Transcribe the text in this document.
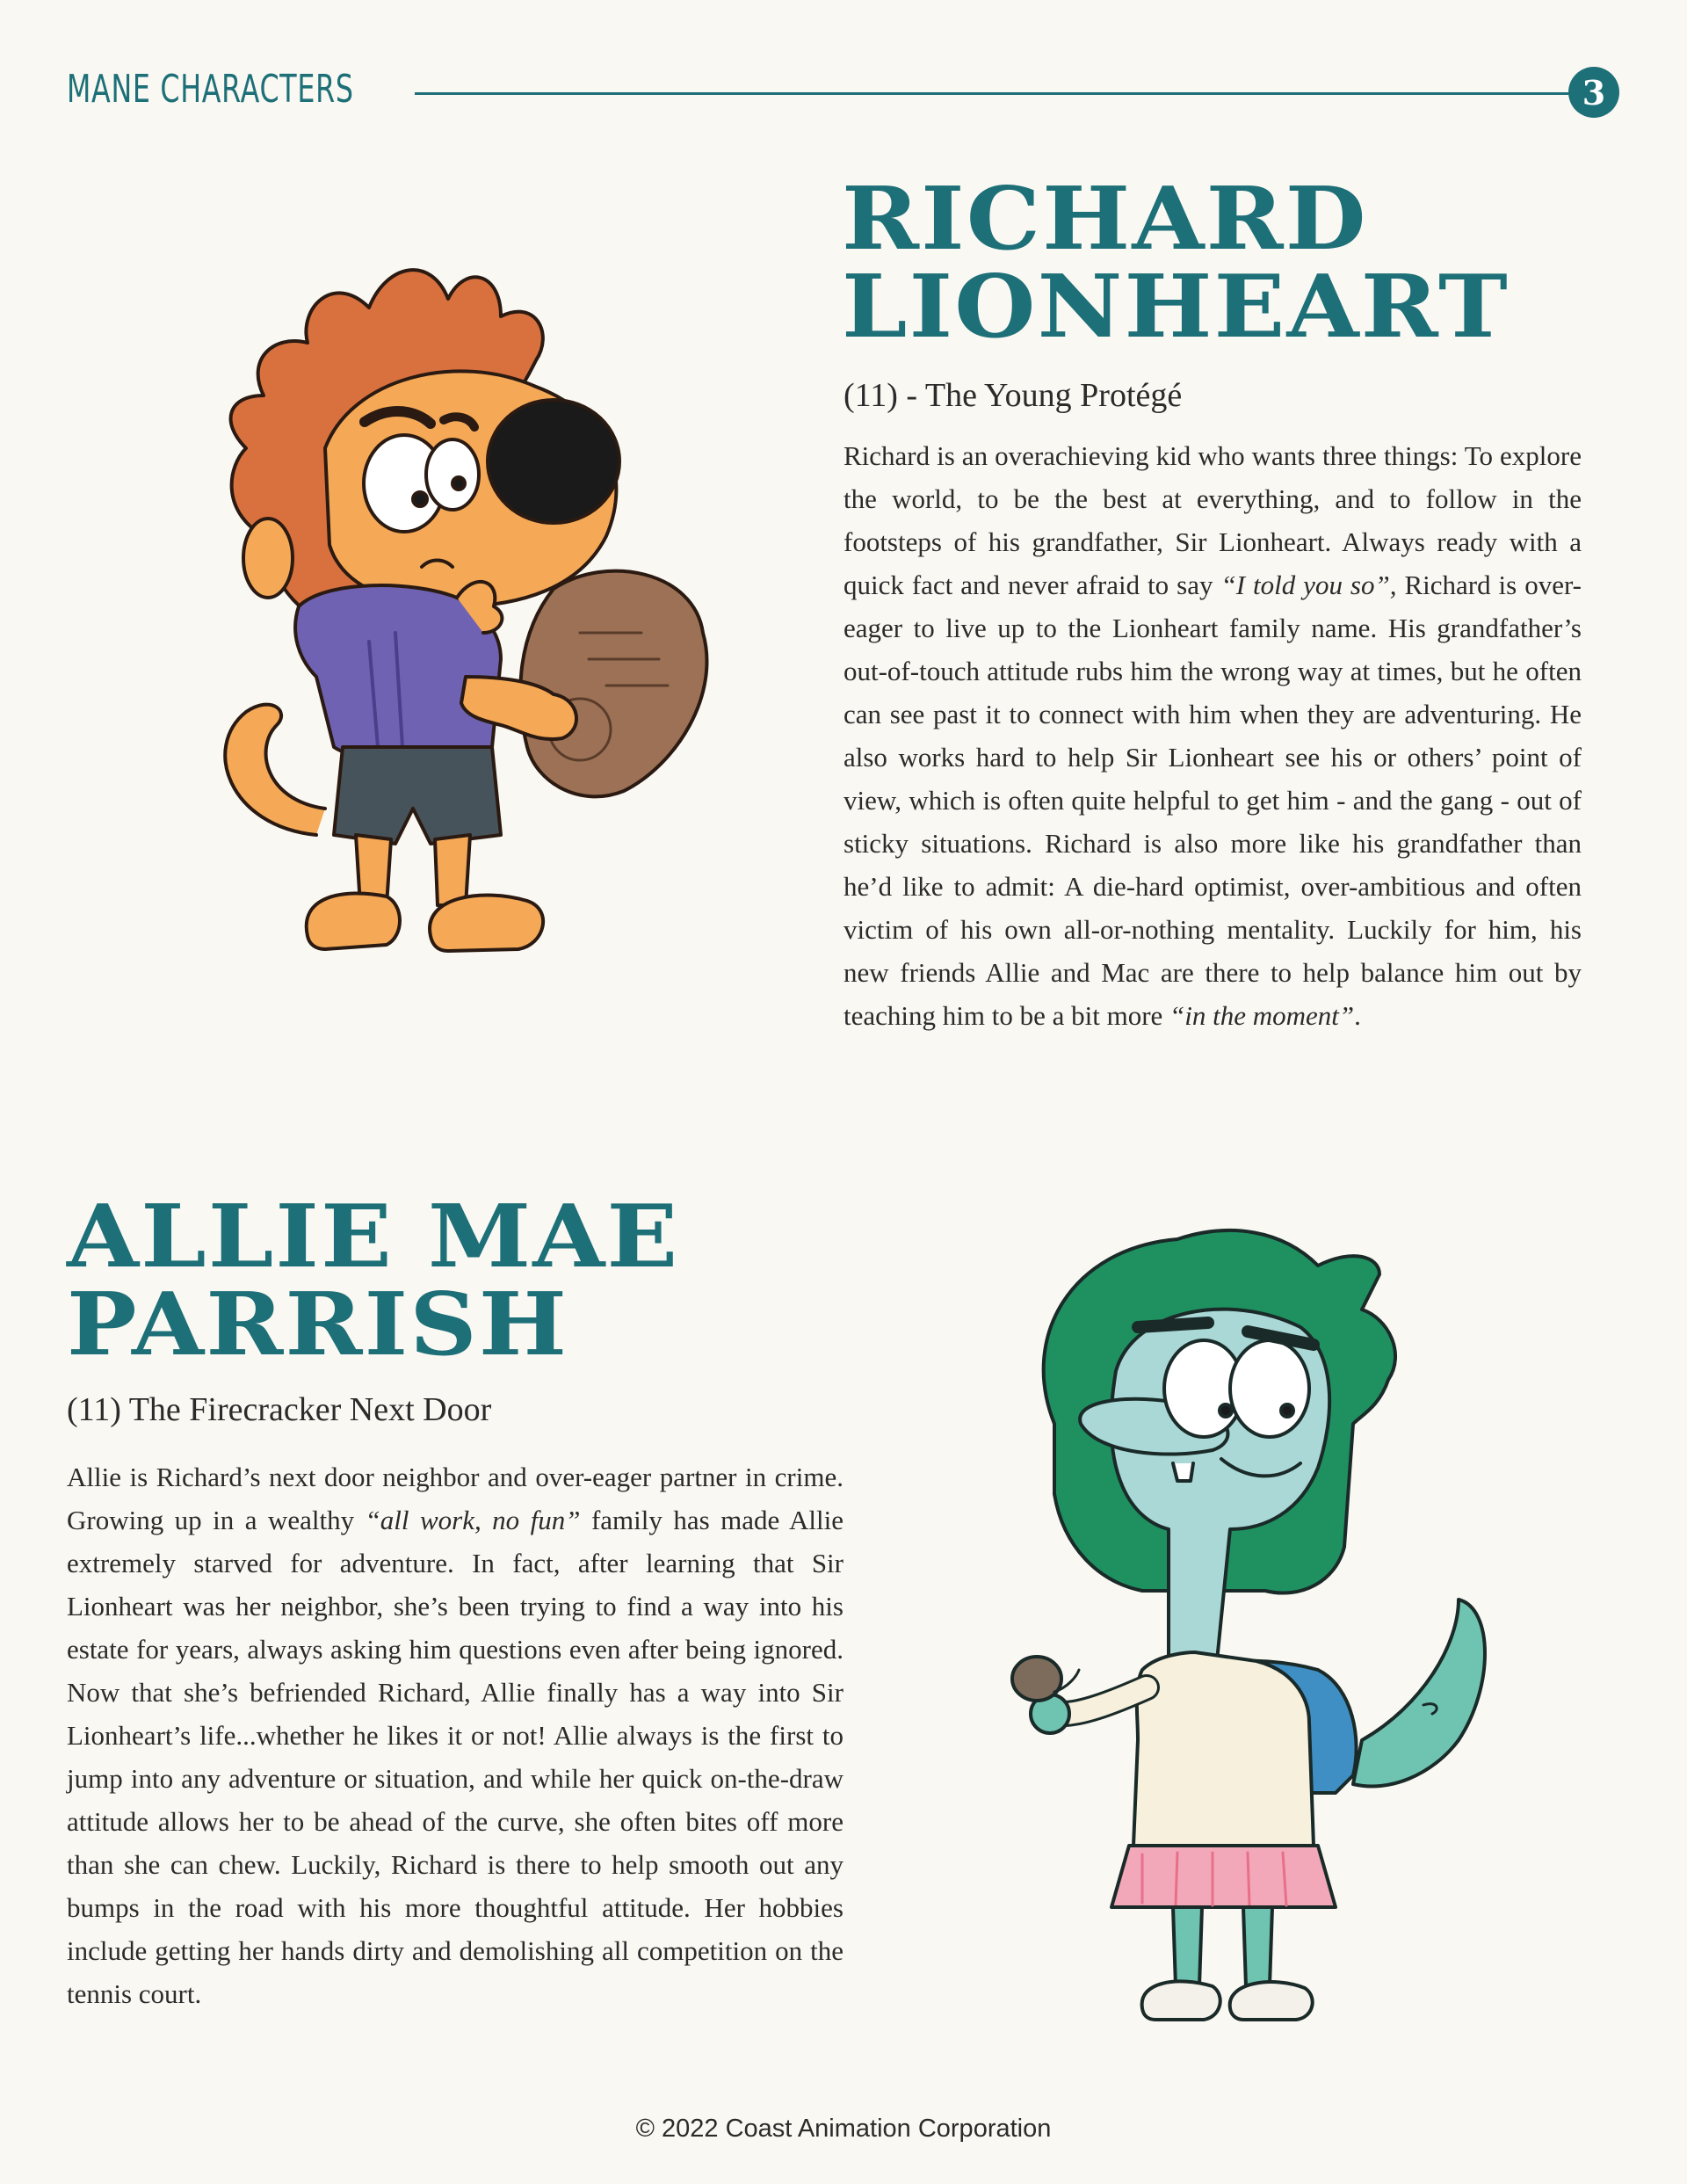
MANE CHARACTERS	3
RICHARD
LIONHEART
(11) - The Young Protégé

Richard is an overachieving kid who wants three things: To explore the world, to be the best at everything, and to follow in the footsteps of his grandfather, Sir Lionheart. Always ready with a quick fact and never afraid to say “I told you so”, Richard is over-eager to live up to the Lionheart family name. His grandfather’s out-of-touch attitude rubs him the wrong way at times, but he often can see past it to connect with him when they are adventuring. He also works hard to help Sir Lionheart see his or others’ point of view, which is often quite helpful to get him - and the gang - out of sticky situations. Richard is also more like his grandfather than he’d like to admit: A die-hard optimist, over-ambitious and often victim of his own all-or-nothing mentality. Luckily for him, his new friends Allie and Mac are there to help balance him out by teaching him to be a bit more “in the moment”.

ALLIE MAE
PARRISH
(11) The Firecracker Next Door

Allie is Richard’s next door neighbor and over-eager partner in crime. Growing up in a wealthy “all work, no fun” family has made Allie extremely starved for adventure. In fact, after learning that Sir Lionheart was her neighbor, she’s been trying to find a way into his estate for years, always asking him questions even after being ignored. Now that she’s befriended Richard, Allie finally has a way into Sir Lionheart’s life...whether he likes it or not! Allie always is the first to jump into any adventure or situation, and while her quick on-the-draw attitude allows her to be ahead of the curve, she often bites off more than she can chew. Luckily, Richard is there to help smooth out any bumps in the road with his more thoughtful attitude. Her hobbies include getting her hands dirty and demolishing all competition on the tennis court.

© 2022 Coast Animation Corporation
